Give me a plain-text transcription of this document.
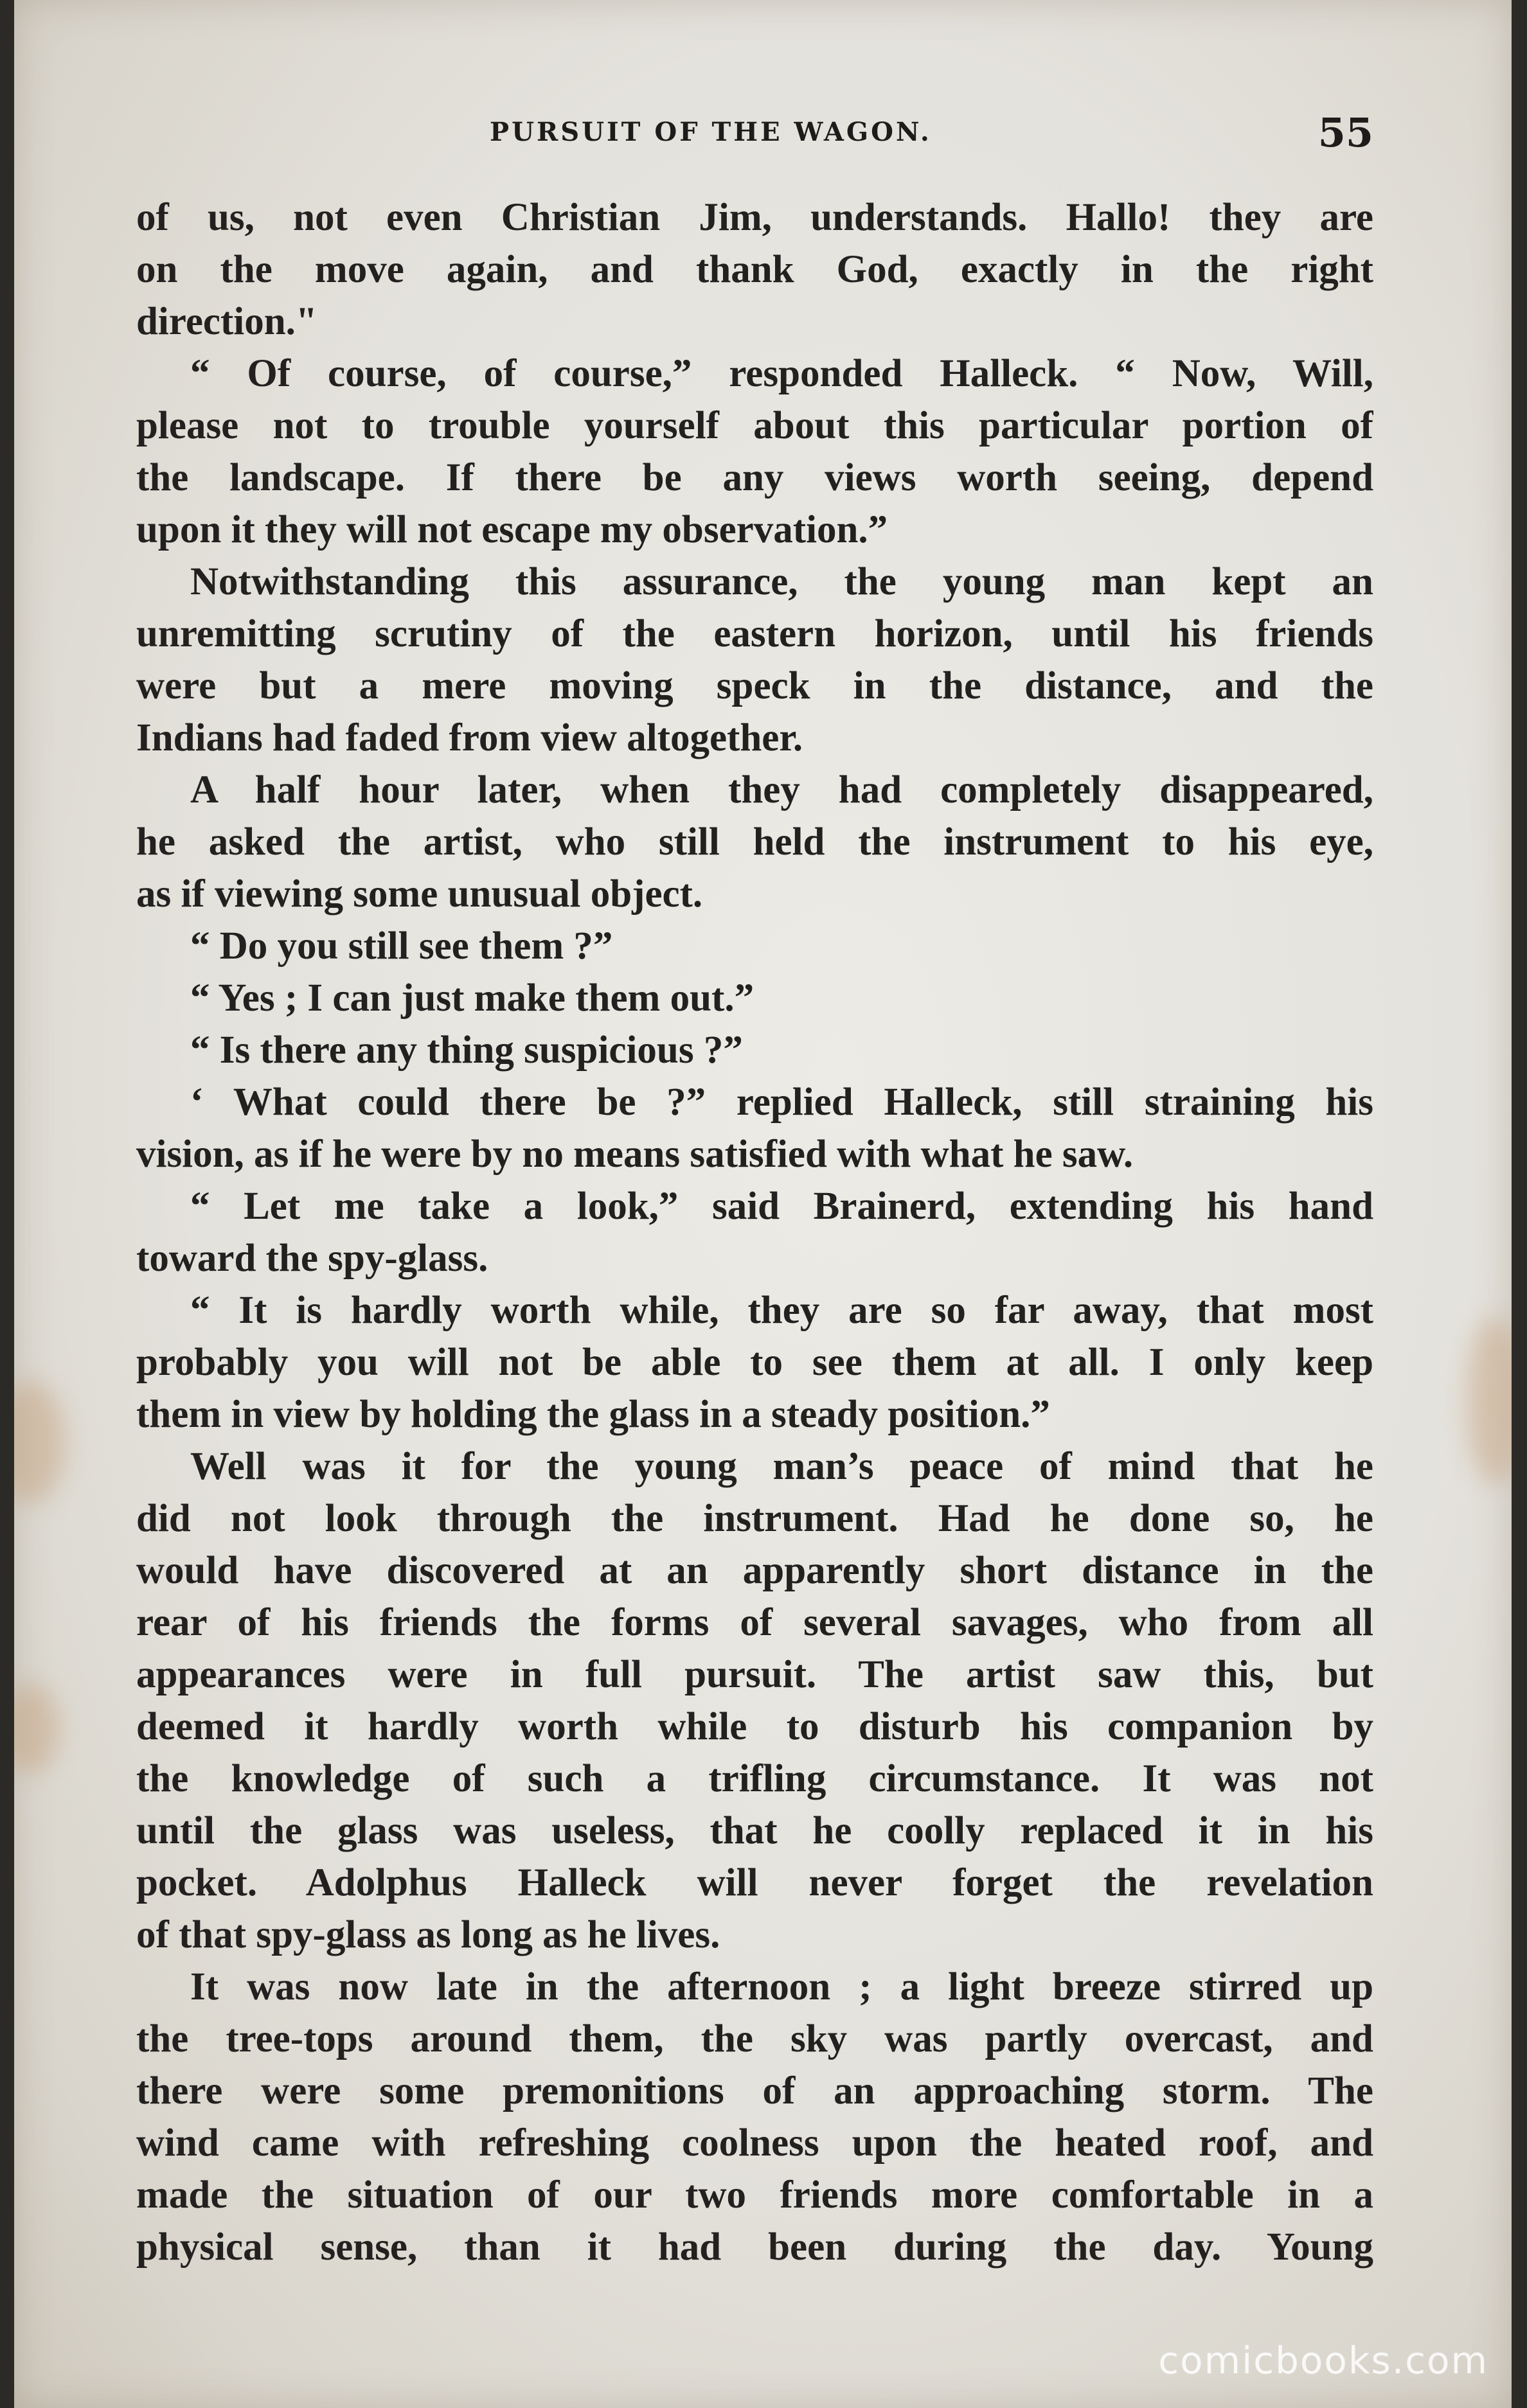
PURSUIT OF THE WAGON.	55
of us, not even Christian Jim, understands. Hallo! they are
on the move again, and thank God, exactly in the right
direction."
“ Of course, of course,” responded Halleck. “ Now, Will,
please not to trouble yourself about this particular portion of
the landscape. If there be any views worth seeing, depend
upon it they will not escape my observation.”
Notwithstanding this assurance, the young man kept an
unremitting scrutiny of the eastern horizon, until his friends
were but a mere moving speck in the distance, and the
Indians had faded from view altogether.
A half hour later, when they had completely disappeared,
he asked the artist, who still held the instrument to his eye,
as if viewing some unusual object.
“ Do you still see them ?”
“ Yes ; I can just make them out.”
“ Is there any thing suspicious ?”
‘ What could there be ?” replied Halleck, still straining his
vision, as if he were by no means satisfied with what he saw.
“ Let me take a look,” said Brainerd, extending his hand
toward the spy-glass.
“ It is hardly worth while, they are so far away, that most
probably you will not be able to see them at all. I only keep
them in view by holding the glass in a steady position.”
Well was it for the young man’s peace of mind that he
did not look through the instrument. Had he done so, he
would have discovered at an apparently short distance in the
rear of his friends the forms of several savages, who from all
appearances were in full pursuit. The artist saw this, but
deemed it hardly worth while to disturb his companion by
the knowledge of such a trifling circumstance. It was not
until the glass was useless, that he coolly replaced it in his
pocket. Adolphus Halleck will never forget the revelation
of that spy-glass as long as he lives.
It was now late in the afternoon ; a light breeze stirred up
the tree-tops around them, the sky was partly overcast, and
there were some premonitions of an approaching storm. The
wind came with refreshing coolness upon the heated roof, and
made the situation of our two friends more comfortable in a
physical sense, than it had been during the day. Young
comicbooks.com
